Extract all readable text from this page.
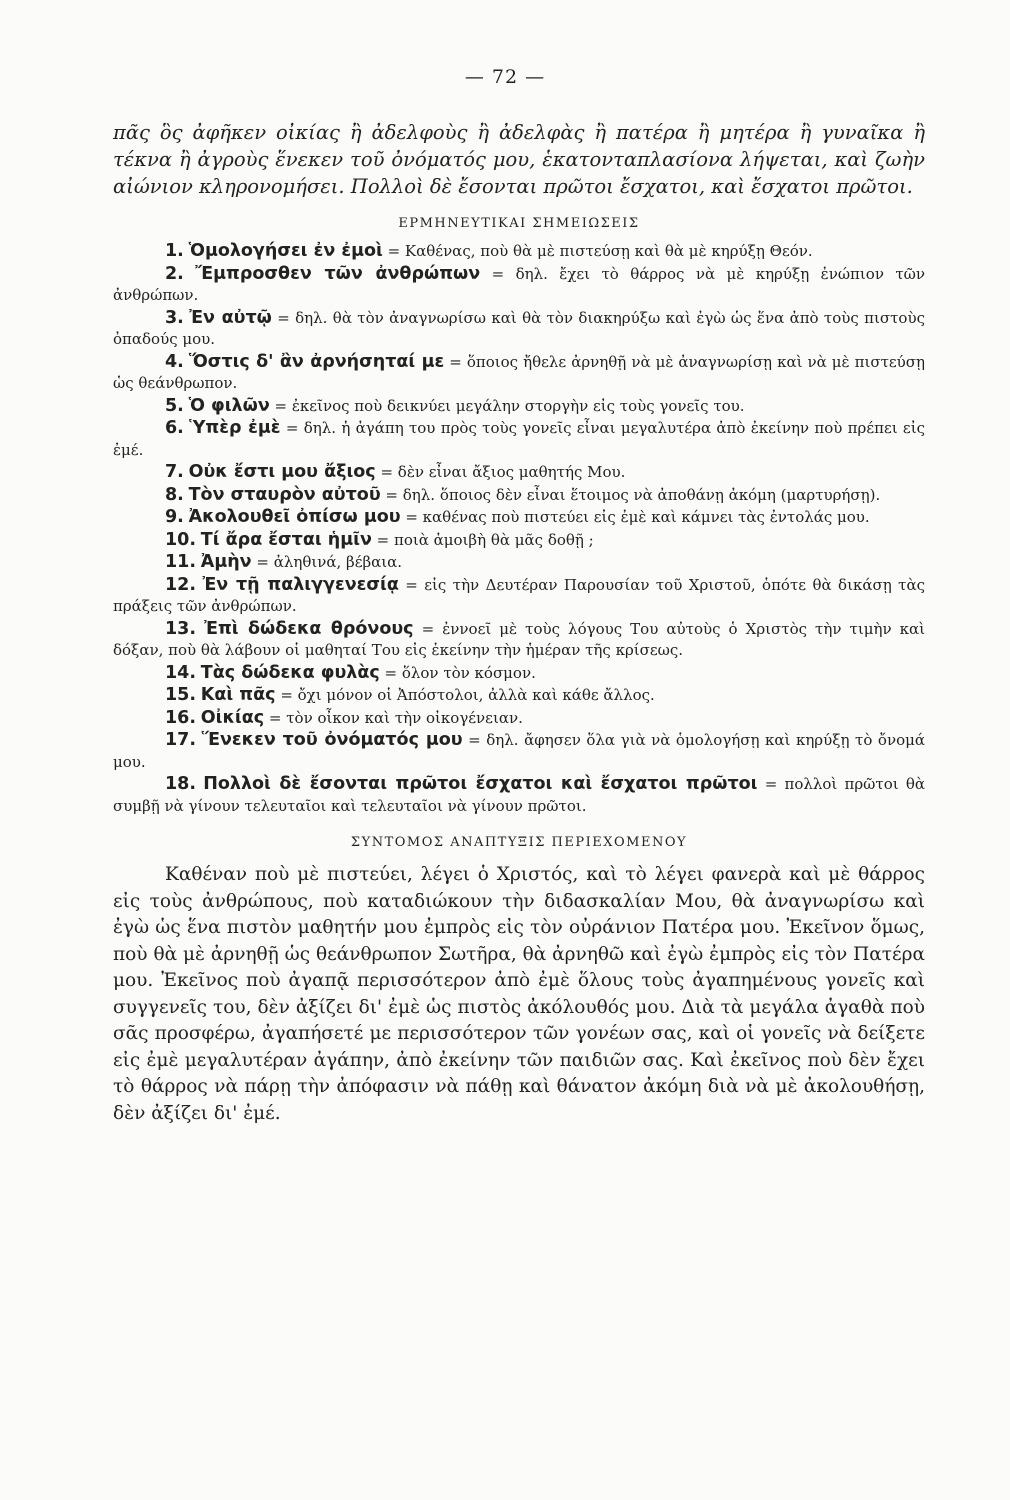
— 72 —

πᾶς ὃς ἀφῆκεν οἰκίας ἢ ἀδελφοὺς ἢ ἀδελφὰς ἢ πατέρα ἢ μητέρα ἢ γυναῖκα ἢ τέκνα ἢ ἀγροὺς ἕνεκεν τοῦ ὀνόματός μου, ἑκατονταπλασίονα λήψεται, καὶ ζωὴν αἰώνιον κληρονομήσει. Πολλοὶ δὲ ἔσονται πρῶτοι ἔσχατοι, καὶ ἔσχατοι πρῶτοι.

ΕΡΜΗΝΕΥΤΙΚΑΙ ΣΗΜΕΙΩΣΕΙΣ

1. Ὁμολογήσει ἐν ἐμοὶ = Καθένας, ποὺ θὰ μὲ πιστεύσῃ καὶ θὰ μὲ κηρύξῃ Θεόν.

2. Ἔμπροσθεν τῶν ἀνθρώπων = δηλ. ἔχει τὸ θάρρος νὰ μὲ κηρύξῃ ἐνώπιον τῶν ἀνθρώπων.

3. Ἐν αὐτῷ = δηλ. θὰ τὸν ἀναγνωρίσω καὶ θὰ τὸν διακηρύξω καὶ ἐγὼ ὡς ἕνα ἀπὸ τοὺς πιστοὺς ὀπαδούς μου.

4. Ὅστις δ' ἂν ἀρνήσηταί με = ὅποιος ἤθελε ἀρνηθῇ νὰ μὲ ἀναγνωρίσῃ καὶ νὰ μὲ πιστεύσῃ ὡς θεάνθρωπον.

5. Ὁ φιλῶν = ἐκεῖνος ποὺ δεικνύει μεγάλην στοργὴν εἰς τοὺς γονεῖς του.

6. Ὑπὲρ ἐμὲ = δηλ. ἡ ἀγάπη του πρὸς τοὺς γονεῖς εἶναι μεγαλυτέρα ἀπὸ ἐκείνην ποὺ πρέπει εἰς ἐμέ.

7. Οὐκ ἔστι μου ἄξιος = δὲν εἶναι ἄξιος μαθητής Μου.

8. Τὸν σταυρὸν αὐτοῦ = δηλ. ὅποιος δὲν εἶναι ἕτοιμος νὰ ἀποθάνῃ ἀκόμη (μαρτυρήσῃ).

9. Ἀκολουθεῖ ὀπίσω μου = καθένας ποὺ πιστεύει εἰς ἐμὲ καὶ κάμνει τὰς ἐντολάς μου.

10. Τί ἄρα ἔσται ἡμῖν = ποιὰ ἀμοιβὴ θὰ μᾶς δοθῇ ;

11. Ἀμὴν = ἀληθινά, βέβαια.

12. Ἐν τῇ παλιγγενεσίᾳ = εἰς τὴν Δευτέραν Παρουσίαν τοῦ Χριστοῦ, ὁπότε θὰ δικάσῃ τὰς πράξεις τῶν ἀνθρώπων.

13. Ἐπὶ δώδεκα θρόνους = ἐννοεῖ μὲ τοὺς λόγους Του αὐτοὺς ὁ Χριστὸς τὴν τιμὴν καὶ δόξαν, ποὺ θὰ λάβουν οἱ μαθηταί Του εἰς ἐκείνην τὴν ἡμέραν τῆς κρίσεως.

14. Τὰς δώδεκα φυλὰς = ὅλον τὸν κόσμον.

15. Καὶ πᾶς = ὄχι μόνον οἱ Ἀπόστολοι, ἀλλὰ καὶ κάθε ἄλλος.

16. Οἰκίας = τὸν οἶκον καὶ τὴν οἰκογένειαν.

17. Ἕνεκεν τοῦ ὀνόματός μου = δηλ. ἄφησεν ὅλα γιὰ νὰ ὁμολογήσῃ καὶ κηρύξῃ τὸ ὄνομά μου.

18. Πολλοὶ δὲ ἔσονται πρῶτοι ἔσχατοι καὶ ἔσχατοι πρῶτοι = πολλοὶ πρῶτοι θὰ συμβῇ νὰ γίνουν τελευταῖοι καὶ τελευταῖοι νὰ γίνουν πρῶτοι.

ΣΥΝΤΟΜΟΣ ΑΝΑΠΤΥΞΙΣ ΠΕΡΙΕΧΟΜΕΝΟΥ

Καθέναν ποὺ μὲ πιστεύει, λέγει ὁ Χριστός, καὶ τὸ λέγει φανερὰ καὶ μὲ θάρρος εἰς τοὺς ἀνθρώπους, ποὺ καταδιώκουν τὴν διδασκαλίαν Μου, θὰ ἀναγνωρίσω καὶ ἐγὼ ὡς ἕνα πιστὸν μαθητήν μου ἐμπρὸς εἰς τὸν οὐράνιον Πατέρα μου. Ἐκεῖνον ὅμως, ποὺ θὰ μὲ ἀρνηθῇ ὡς θεάνθρωπον Σωτῆρα, θὰ ἀρνηθῶ καὶ ἐγὼ ἐμπρὸς εἰς τὸν Πατέρα μου. Ἐκεῖνος ποὺ ἀγαπᾷ περισσότερον ἀπὸ ἐμὲ ὅλους τοὺς ἀγαπημένους γονεῖς καὶ συγγενεῖς του, δὲν ἀξίζει δι' ἐμὲ ὡς πιστὸς ἀκόλουθός μου. Διὰ τὰ μεγάλα ἀγαθὰ ποὺ σᾶς προσφέρω, ἀγαπήσετέ με περισσότερον τῶν γονέων σας, καὶ οἱ γονεῖς νὰ δείξετε εἰς ἐμὲ μεγαλυτέραν ἀγάπην, ἀπὸ ἐκείνην τῶν παιδιῶν σας. Καὶ ἐκεῖνος ποὺ δὲν ἔχει τὸ θάρρος νὰ πάρῃ τὴν ἀπόφασιν νὰ πάθῃ καὶ θάνατον ἀκόμη διὰ νὰ μὲ ἀκολουθήσῃ, δὲν ἀξίζει δι' ἐμέ.
